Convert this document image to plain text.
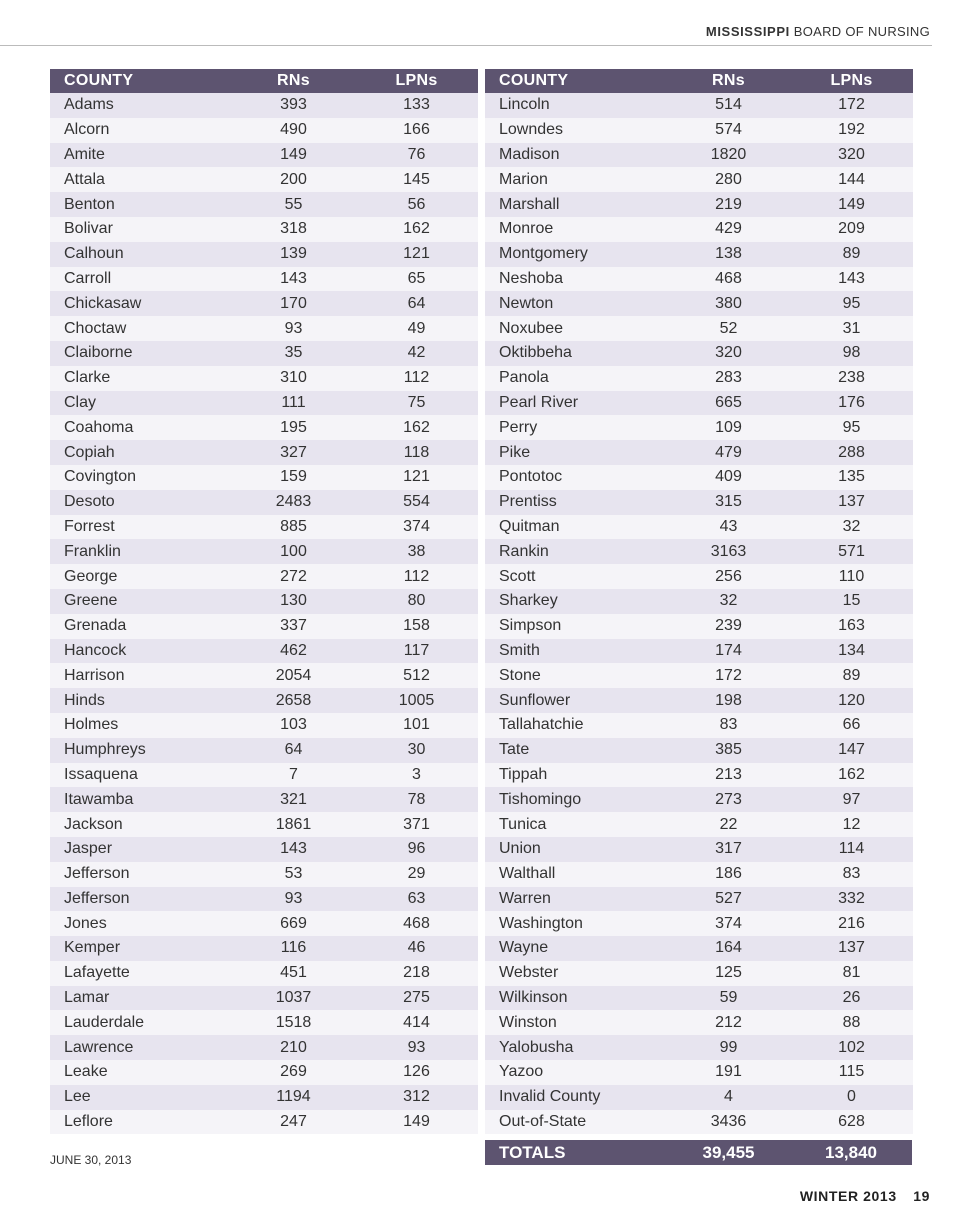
MISSISSIPPI BOARD OF NURSING
COUNTY	RNs	LPNs
Adams	393	133
Alcorn	490	166
Amite	149	76
Attala	200	145
Benton	55	56
Bolivar	318	162
Calhoun	139	121
Carroll	143	65
Chickasaw	170	64
Choctaw	93	49
Claiborne	35	42
Clarke	310	112
Clay	111	75
Coahoma	195	162
Copiah	327	118
Covington	159	121
Desoto	2483	554
Forrest	885	374
Franklin	100	38
George	272	112
Greene	130	80
Grenada	337	158
Hancock	462	117
Harrison	2054	512
Hinds	2658	1005
Holmes	103	101
Humphreys	64	30
Issaquena	7	3
Itawamba	321	78
Jackson	1861	371
Jasper	143	96
Jefferson	53	29
Jefferson	93	63
Jones	669	468
Kemper	116	46
Lafayette	451	218
Lamar	1037	275
Lauderdale	1518	414
Lawrence	210	93
Leake	269	126
Lee	1194	312
Leflore	247	149
COUNTY	RNs	LPNs
Lincoln	514	172
Lowndes	574	192
Madison	1820	320
Marion	280	144
Marshall	219	149
Monroe	429	209
Montgomery	138	89
Neshoba	468	143
Newton	380	95
Noxubee	52	31
Oktibbeha	320	98
Panola	283	238
Pearl River	665	176
Perry	109	95
Pike	479	288
Pontotoc	409	135
Prentiss	315	137
Quitman	43	32
Rankin	3163	571
Scott	256	110
Sharkey	32	15
Simpson	239	163
Smith	174	134
Stone	172	89
Sunflower	198	120
Tallahatchie	83	66
Tate	385	147
Tippah	213	162
Tishomingo	273	97
Tunica	22	12
Union	317	114
Walthall	186	83
Warren	527	332
Washington	374	216
Wayne	164	137
Webster	125	81
Wilkinson	59	26
Winston	212	88
Yalobusha	99	102
Yazoo	191	115
Invalid County	4	0
Out-of-State	3436	628
TOTALS	39,455	13,840
JUNE 30, 2013
WINTER 2013 19
